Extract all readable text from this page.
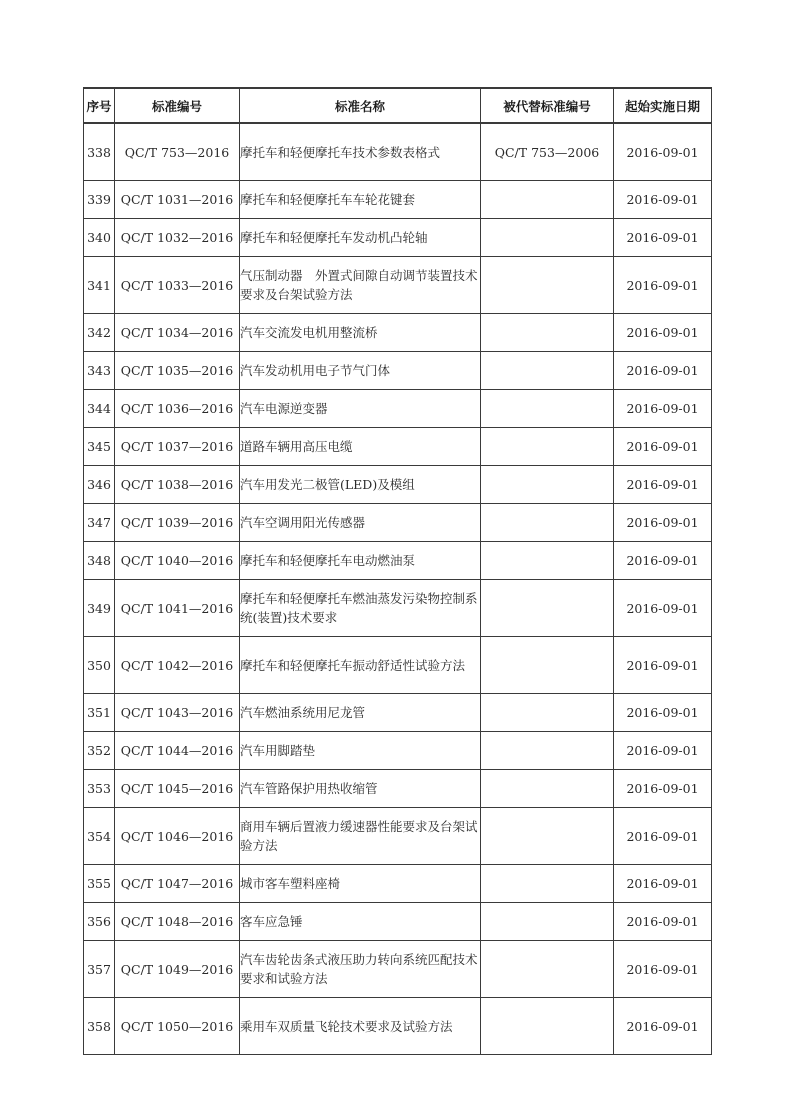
序号	标准编号	标准名称	被代替标准编号	起始实施日期
338	QC/T 753—2016	摩托车和轻便摩托车技术参数表格式	QC/T 753—2006	2016-09-01
339	QC/T 1031—2016	摩托车和轻便摩托车车轮花键套		2016-09-01
340	QC/T 1032—2016	摩托车和轻便摩托车发动机凸轮轴		2016-09-01
341	QC/T 1033—2016	气压制动器　外置式间隙自动调节装置技术要求及台架试验方法		2016-09-01
342	QC/T 1034—2016	汽车交流发电机用整流桥		2016-09-01
343	QC/T 1035—2016	汽车发动机用电子节气门体		2016-09-01
344	QC/T 1036—2016	汽车电源逆变器		2016-09-01
345	QC/T 1037—2016	道路车辆用高压电缆		2016-09-01
346	QC/T 1038—2016	汽车用发光二极管(LED)及模组		2016-09-01
347	QC/T 1039—2016	汽车空调用阳光传感器		2016-09-01
348	QC/T 1040—2016	摩托车和轻便摩托车电动燃油泵		2016-09-01
349	QC/T 1041—2016	摩托车和轻便摩托车燃油蒸发污染物控制系统(装置)技术要求		2016-09-01
350	QC/T 1042—2016	摩托车和轻便摩托车振动舒适性试验方法		2016-09-01
351	QC/T 1043—2016	汽车燃油系统用尼龙管		2016-09-01
352	QC/T 1044—2016	汽车用脚踏垫		2016-09-01
353	QC/T 1045—2016	汽车管路保护用热收缩管		2016-09-01
354	QC/T 1046—2016	商用车辆后置液力缓速器性能要求及台架试验方法		2016-09-01
355	QC/T 1047—2016	城市客车塑料座椅		2016-09-01
356	QC/T 1048—2016	客车应急锤		2016-09-01
357	QC/T 1049—2016	汽车齿轮齿条式液压助力转向系统匹配技术要求和试验方法		2016-09-01
358	QC/T 1050—2016	乘用车双质量飞轮技术要求及试验方法		2016-09-01
